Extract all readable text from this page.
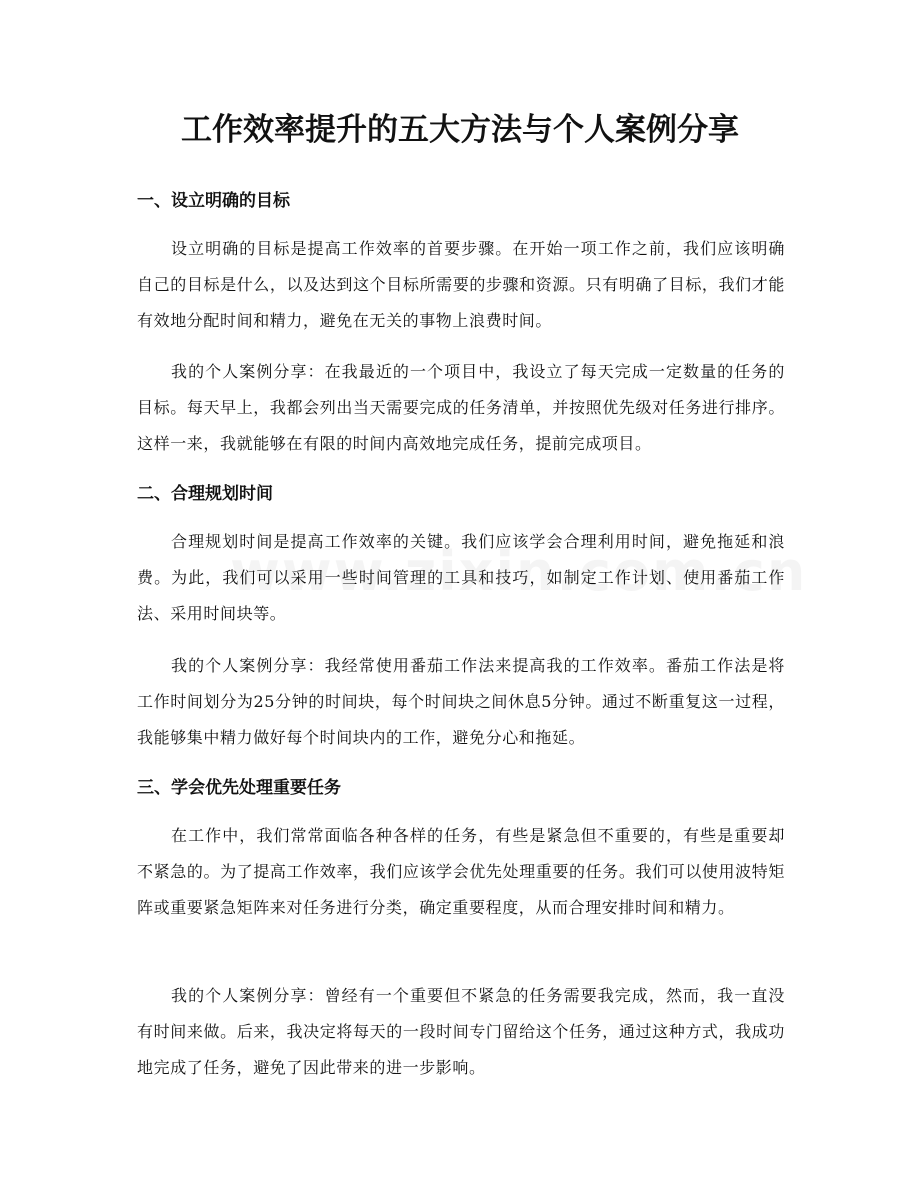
工作效率提升的五大方法与个人案例分享
一、设立明确的目标

设立明确的目标是提高工作效率的首要步骤。在开始一项工作之前，我们应该明确自己的目标是什么，以及达到这个目标所需要的步骤和资源。只有明确了目标，我们才能有效地分配时间和精力，避免在无关的事物上浪费时间。

我的个人案例分享：在我最近的一个项目中，我设立了每天完成一定数量的任务的目标。每天早上，我都会列出当天需要完成的任务清单，并按照优先级对任务进行排序。这样一来，我就能够在有限的时间内高效地完成任务，提前完成项目。

二、合理规划时间

合理规划时间是提高工作效率的关键。我们应该学会合理利用时间，避免拖延和浪费。为此，我们可以采用一些时间管理的工具和技巧，如制定工作计划、使用番茄工作法、采用时间块等。

我的个人案例分享：我经常使用番茄工作法来提高我的工作效率。番茄工作法是将工作时间划分为25分钟的时间块，每个时间块之间休息5分钟。通过不断重复这一过程，我能够集中精力做好每个时间块内的工作，避免分心和拖延。

三、学会优先处理重要任务

在工作中，我们常常面临各种各样的任务，有些是紧急但不重要的，有些是重要却不紧急的。为了提高工作效率，我们应该学会优先处理重要的任务。我们可以使用波特矩阵或重要紧急矩阵来对任务进行分类，确定重要程度，从而合理安排时间和精力。

我的个人案例分享：曾经有一个重要但不紧急的任务需要我完成，然而，我一直没有时间来做。后来，我决定将每天的一段时间专门留给这个任务，通过这种方式，我成功地完成了任务，避免了因此带来的进一步影响。
